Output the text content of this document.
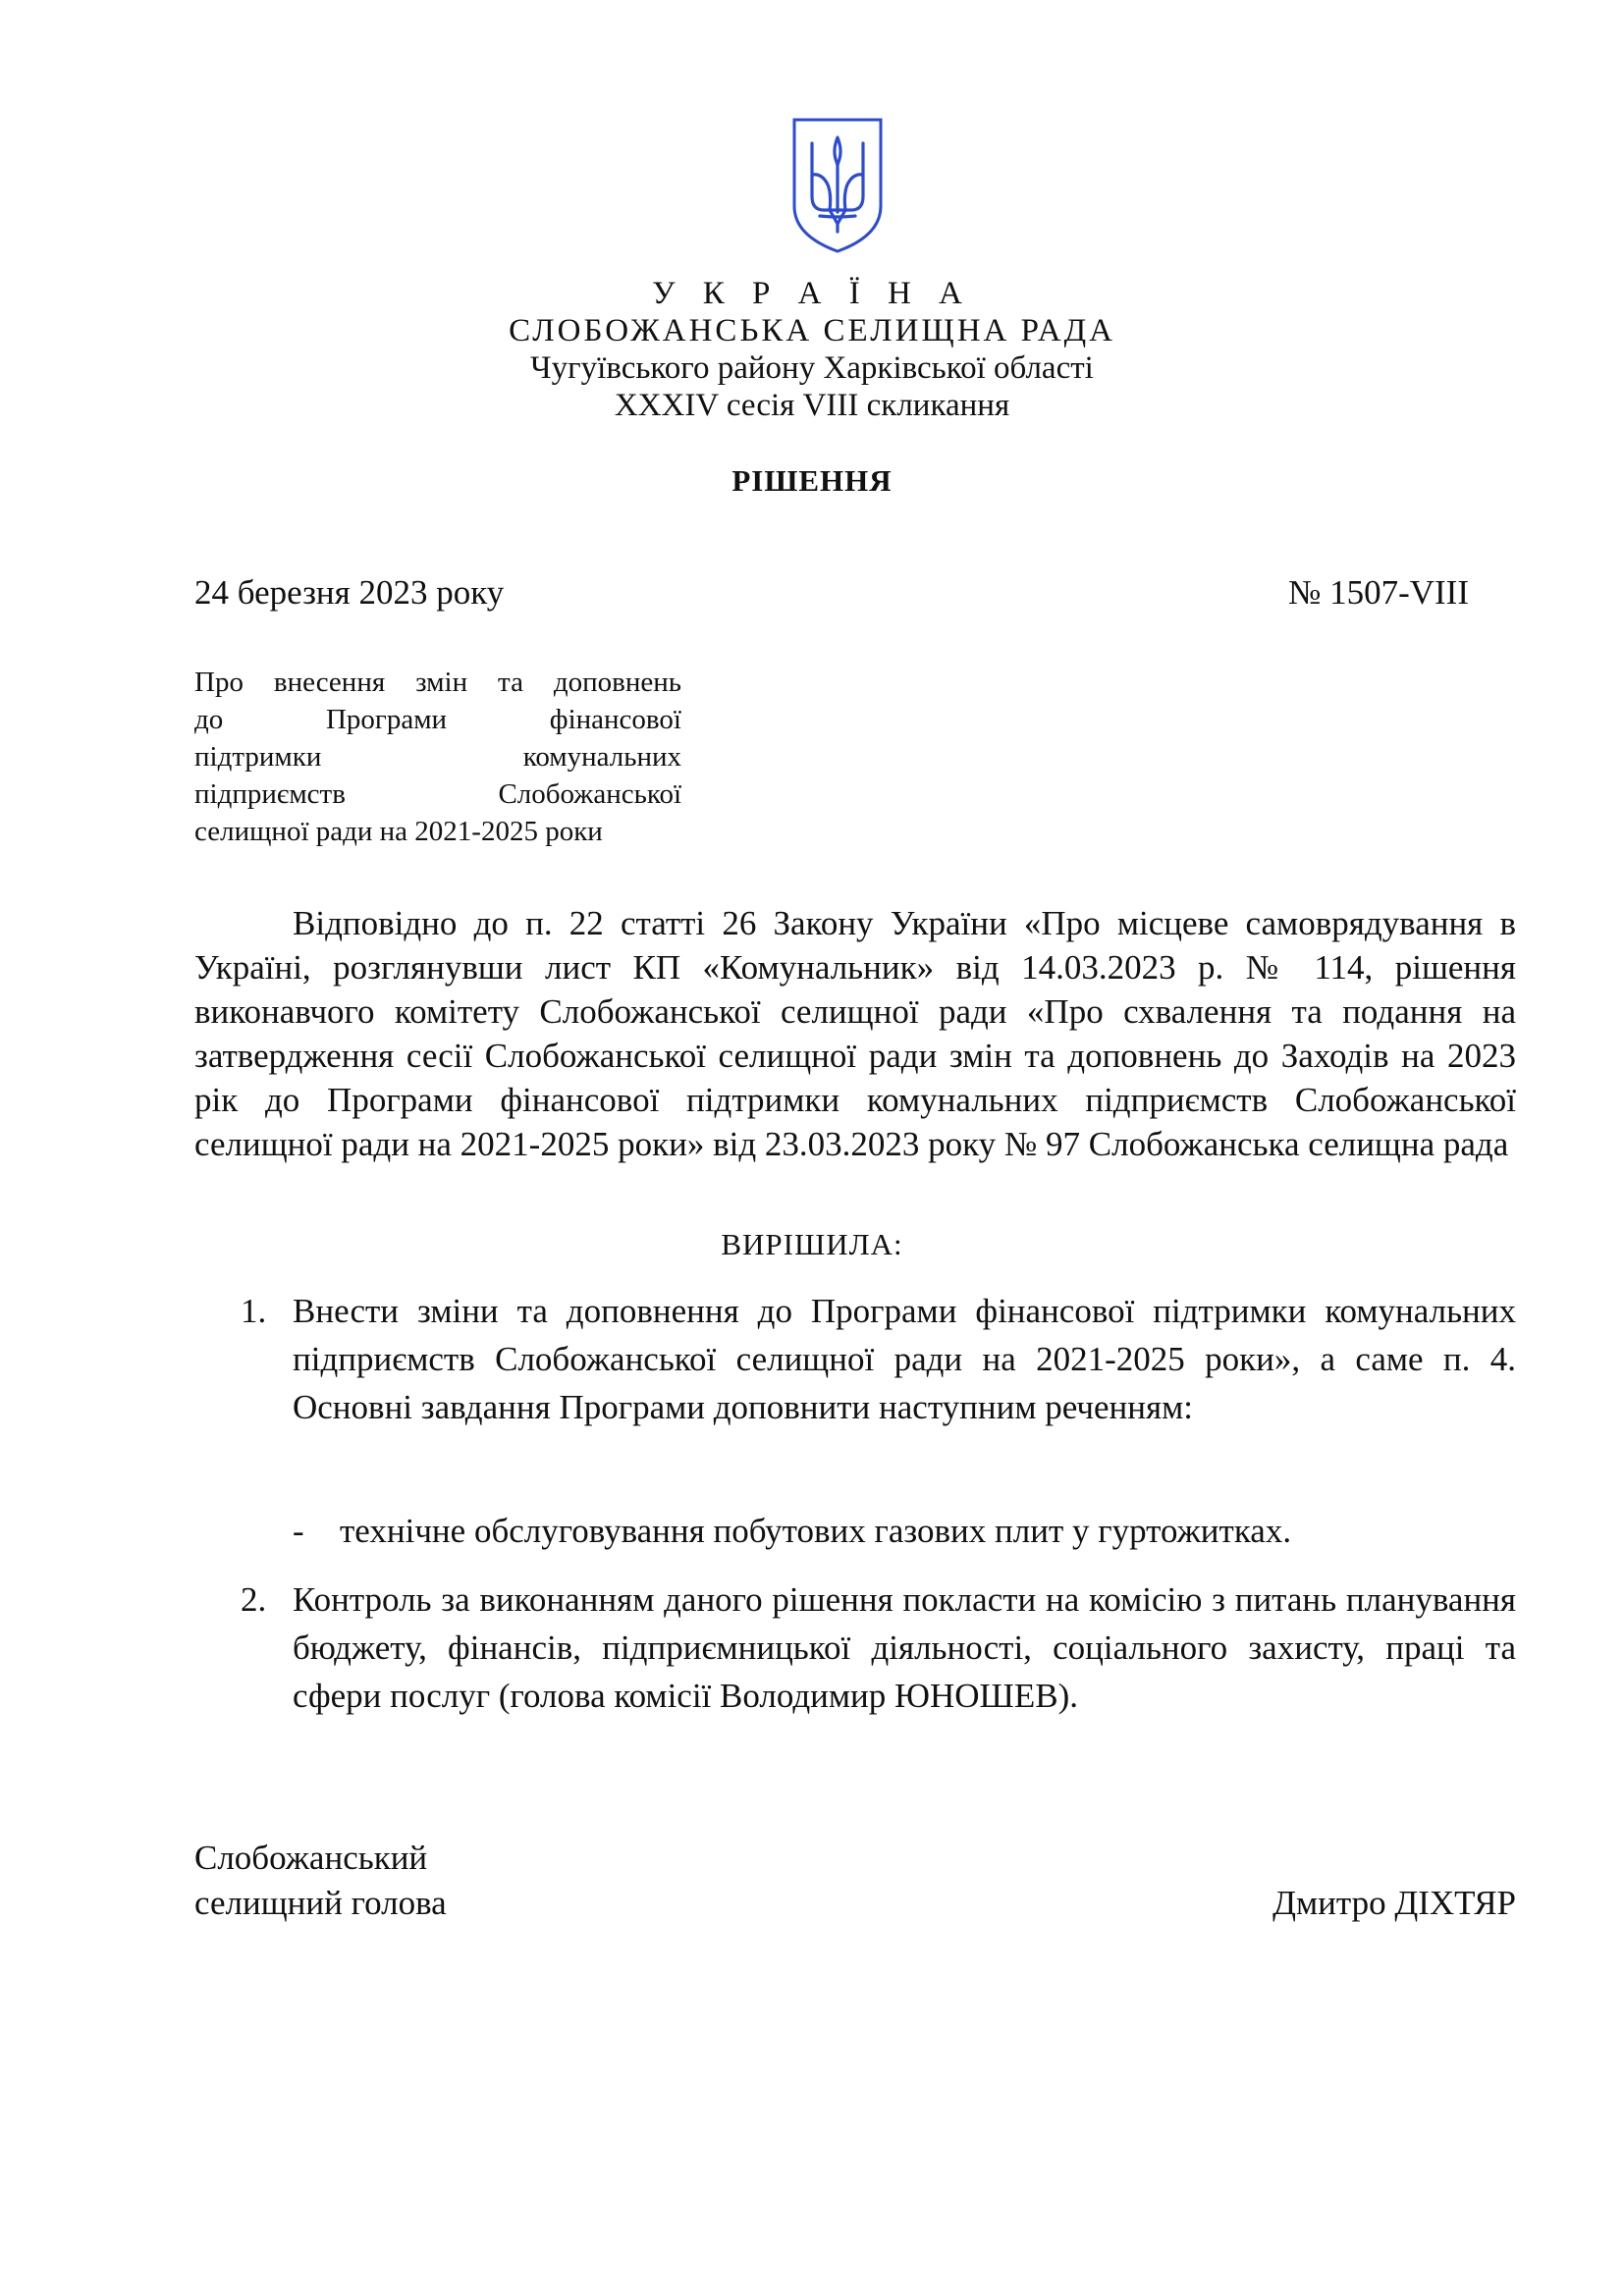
У К Р А Ї Н А
СЛОБОЖАНСЬКА СЕЛИЩНА РАДА
Чугуївського району Харківської області
XXXIV сесія VIII скликання
РІШЕННЯ
24 березня 2023 року	№ 1507-VIII
Про внесення змін та доповнень
до Програми фінансової
підтримки комунальних
підприємств Слобожанської
селищної ради на 2021-2025 роки
Відповідно до п. 22 статті 26 Закону України «Про місцеве самоврядування в Україні, розглянувши лист КП «Комунальник» від 14.03.2023 р. № 114, рішення виконавчого комітету Слобожанської селищної ради «Про схвалення та подання на затвердження сесії Слобожанської селищної ради змін та доповнень до Заходів на 2023 рік до Програми фінансової підтримки комунальних підприємств Слобожанської селищної ради на 2021-2025 роки» від 23.03.2023 року № 97 Слобожанська селищна рада
ВИРІШИЛА:
1. Внести зміни та доповнення до Програми фінансової підтримки комунальних підприємств Слобожанської селищної ради на 2021-2025 роки», а саме п. 4. Основні завдання Програми доповнити наступним реченням:
- технічне обслуговування побутових газових плит у гуртожитках.
2. Контроль за виконанням даного рішення покласти на комісію з питань планування бюджету, фінансів, підприємницької діяльності, соціального захисту, праці та сфери послуг (голова комісії Володимир ЮНОШЕВ).
Слобожанський
селищний голова	Дмитро ДІХТЯР
